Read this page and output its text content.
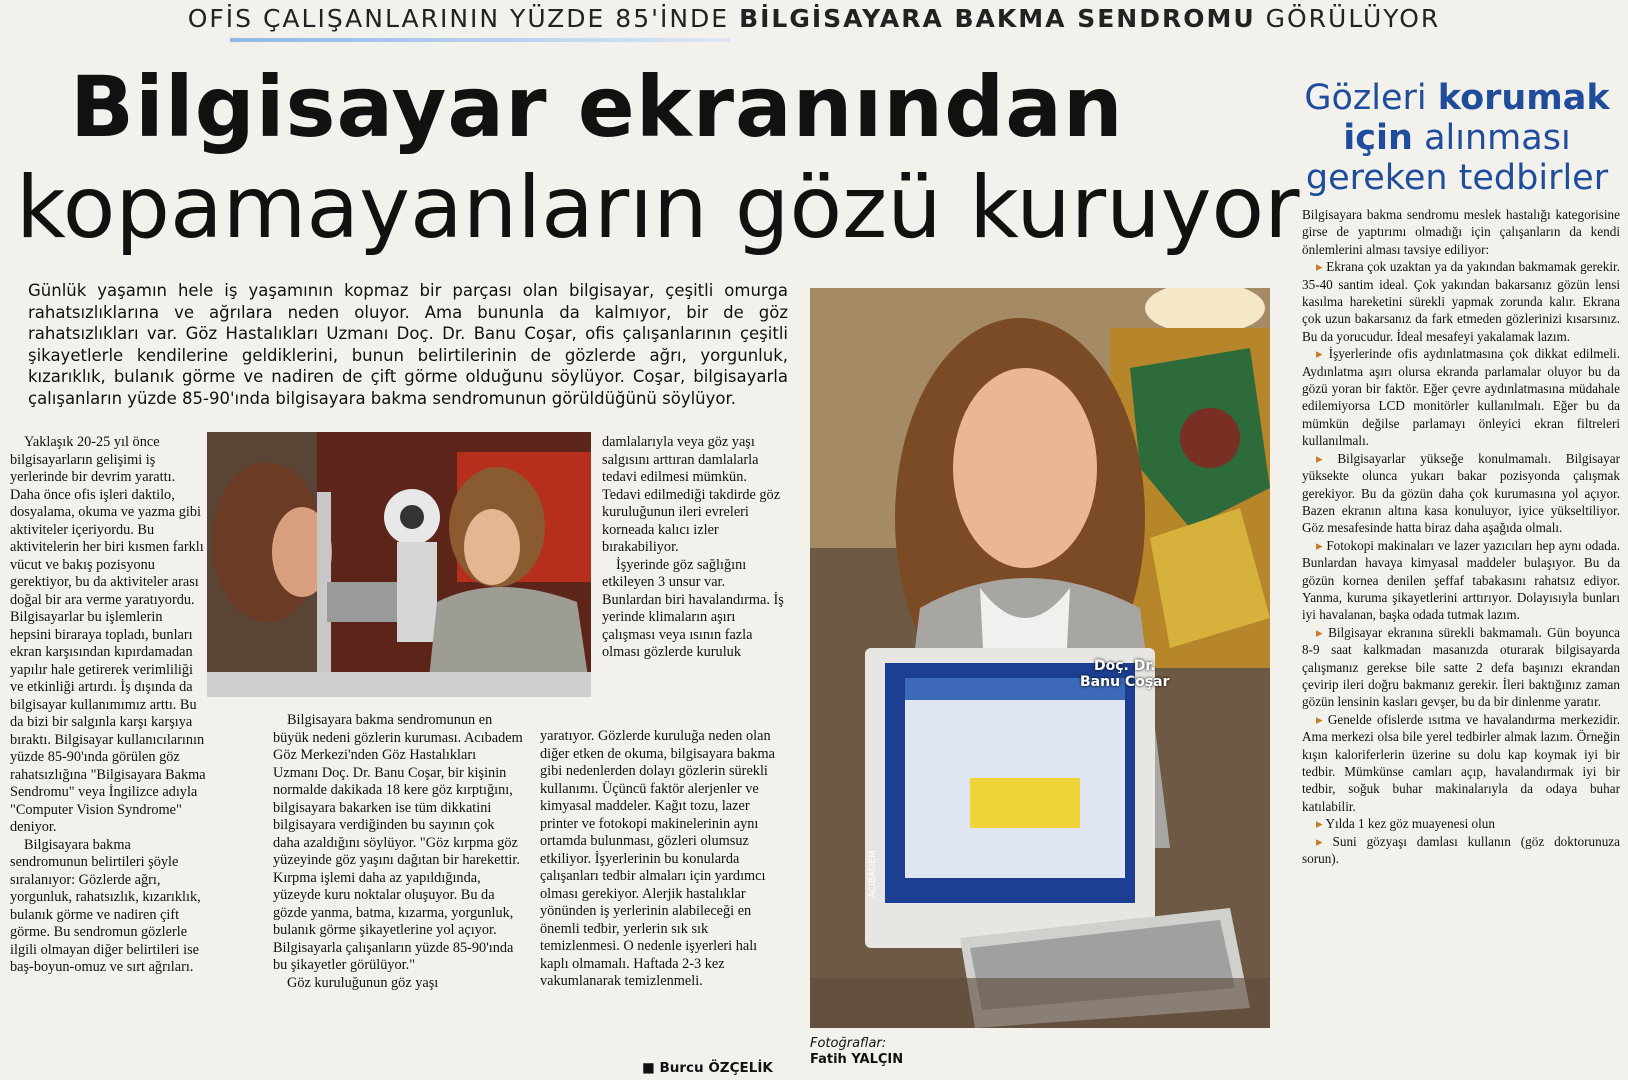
OFİS ÇALIŞANLARININ YÜZDE 85'İNDE BİLGİSAYARA BAKMA SENDROMU GÖRÜLÜYOR
Bilgisayar ekranından
kopamayanların gözü kuruyor
Günlük yaşamın hele iş yaşamının kopmaz bir parçası olan bilgisayar, çeşitli omurga rahatsızlıklarına ve ağrılara neden oluyor. Ama bununla da kalmıyor, bir de göz rahatsızlıkları var. Göz Hastalıkları Uzmanı Doç. Dr. Banu Coşar, ofis çalışanlarının çeşitli şikayetlerle kendilerine geldiklerini, bunun belirtilerinin de gözlerde ağrı, yorgunluk, kızarıklık, bulanık görme ve nadiren de çift görme olduğunu söylüyor. Coşar, bilgisayarla çalışanların yüzde 85-90'ında bilgisayara bakma sendromunun görüldüğünü söylüyor.

Yaklaşık 20-25 yıl önce bilgisayarların gelişimi iş yerlerinde bir devrim yarattı. Daha önce ofis işleri daktilo, dosyalama, okuma ve yazma gibi aktiviteler içeriyordu. Bu aktivitelerin her biri kısmen farklı vücut ve bakış pozisyonu gerektiyor, bu da aktiviteler arası doğal bir ara verme yaratıyordu. Bilgisayarlar bu işlemlerin hepsini biraraya topladı, bunları ekran karşısından kıpırdamadan yapılır hale getirerek verimliliği ve etkinliği artırdı. İş dışında da bilgisayar kullanımımız arttı. Bu da bizi bir salgınla karşı karşıya bıraktı. Bilgisayar kullanıcılarının yüzde 85-90'ında görülen göz rahatsızlığına "Bilgisayara Bakma Sendromu" veya İngilizce adıyla "Computer Vision Syndrome" deniyor.

Bilgisayara bakma sendromunun belirtileri şöyle sıralanıyor: Gözlerde ağrı, yorgunluk, rahatsızlık, kızarıklık, bulanık görme ve nadiren çift görme. Bu sendromun gözlerle ilgili olmayan diğer belirtileri ise baş-boyun-omuz ve sırt ağrıları.

Bilgisayara bakma sendromunun en büyük nedeni gözlerin kuruması. Acıbadem Göz Merkezi'nden Göz Hastalıkları Uzmanı Doç. Dr. Banu Coşar, bir kişinin normalde dakikada 18 kere göz kırptığını, bilgisayara bakarken ise tüm dikkatini bilgisayara verdiğinden bu sayının çok daha azaldığını söylüyor. "Göz kırpma göz yüzeyinde göz yaşını dağıtan bir harekettir. Kırpma işlemi daha az yapıldığında, yüzeyde kuru noktalar oluşuyor. Bu da gözde yanma, batma, kızarma, yorgunluk, bulanık görme şikayetlerine yol açıyor. Bilgisayarla çalışanların yüzde 85-90'ında bu şikayetler görülüyor."

Göz kuruluğunun göz yaşı

damlalarıyla veya göz yaşı salgısını arttıran damlalarla tedavi edilmesi mümkün. Tedavi edilmediği takdirde göz kuruluğunun ileri evreleri korneada kalıcı izler bırakabiliyor.

İşyerinde göz sağlığını etkileyen 3 unsur var. Bunlardan biri havalandırma. İş yerinde klimaların aşırı çalışması veya ısının fazla olması gözlerde kuruluk

yaratıyor. Gözlerde kuruluğa neden olan diğer etken de okuma, bilgisayara bakma gibi nedenlerden dolayı gözlerin sürekli kullanımı. Üçüncü faktör alerjenler ve kimyasal maddeler. Kağıt tozu, lazer printer ve fotokopi makinelerinin aynı ortamda bulunması, gözleri olumsuz etkiliyor. İşyerlerinin bu konularda çalışanları tedbir almaları için yardımcı olması gerekiyor. Alerjik hastalıklar yönünden iş yerlerinin alabileceği en önemli tedbir, yerlerin sık sık temizlenmesi. O nedenle işyerleri halı kaplı olmamalı. Haftada 2-3 kez vakumlanarak temizlenmeli.

■ Burcu ÖZÇELİK
ACIBADEM
Doç. Dr.
Banu Coşar
Fotoğraflar:
Fatih YALÇIN
Gözleri korumak
için alınması gereken tedbirler

Bilgisayara bakma sendromu meslek hastalığı kategorisine girse de yaptırımı olmadığı için çalışanların da kendi önlemlerini alması tavsiye ediliyor:

▸ Ekrana çok uzaktan ya da yakından bakmamak gerekir. 35-40 santim ideal. Çok yakından bakarsanız gözün lensi kasılma hareketini sürekli yapmak zorunda kalır. Ekrana çok uzun bakarsanız da fark etmeden gözlerinizi kısarsınız. Bu da yorucudur. İdeal mesafeyi yakalamak lazım.

▸ İşyerlerinde ofis aydınlatmasına çok dikkat edilmeli. Aydınlatma aşırı olursa ekranda parlamalar oluyor bu da gözü yoran bir faktör. Eğer çevre aydınlatmasına müdahale edilemiyorsa LCD monitörler kullanılmalı. Eğer bu da mümkün değilse parlamayı önleyici ekran filtreleri kullanılmalı.

▸ Bilgisayarlar yükseğe konulmamalı. Bilgisayar yüksekte olunca yukarı bakar pozisyonda çalışmak gerekiyor. Bu da gözün daha çok kurumasına yol açıyor. Bazen ekranın altına kasa konuluyor, iyice yükseltiliyor. Göz mesafesinde hatta biraz daha aşağıda olmalı.

▸ Fotokopi makinaları ve lazer yazıcıları hep aynı odada. Bunlardan havaya kimyasal maddeler bulaşıyor. Bu da gözün kornea denilen şeffaf tabakasını rahatsız ediyor. Yanma, kuruma şikayetlerini arttırıyor. Dolayısıyla bunları iyi havalanan, başka odada tutmak lazım.

▸ Bilgisayar ekranına sürekli bakmamalı. Gün boyunca 8-9 saat kalkmadan masanızda oturarak bilgisayarda çalışmanız gerekse bile satte 2 defa başınızı ekrandan çevirip ileri doğru bakmanız gerekir. İleri baktığınız zaman gözün lensinin kasları gevşer, bu da bir dinlenme yaratır.

▸ Genelde ofislerde ısıtma ve havalandırma merkezidir. Ama merkezi olsa bile yerel tedbirler almak lazım. Örneğin kışın kaloriferlerin üzerine su dolu kap koymak iyi bir tedbir. Mümkünse camları açıp, havalandırmak iyi bir tedbir, soğuk buhar makinalarıyla da odaya buhar katılabilir.

▸ Yılda 1 kez göz muayenesi olun

▸ Suni gözyaşı damlası kullanın (göz doktorunuza sorun).
